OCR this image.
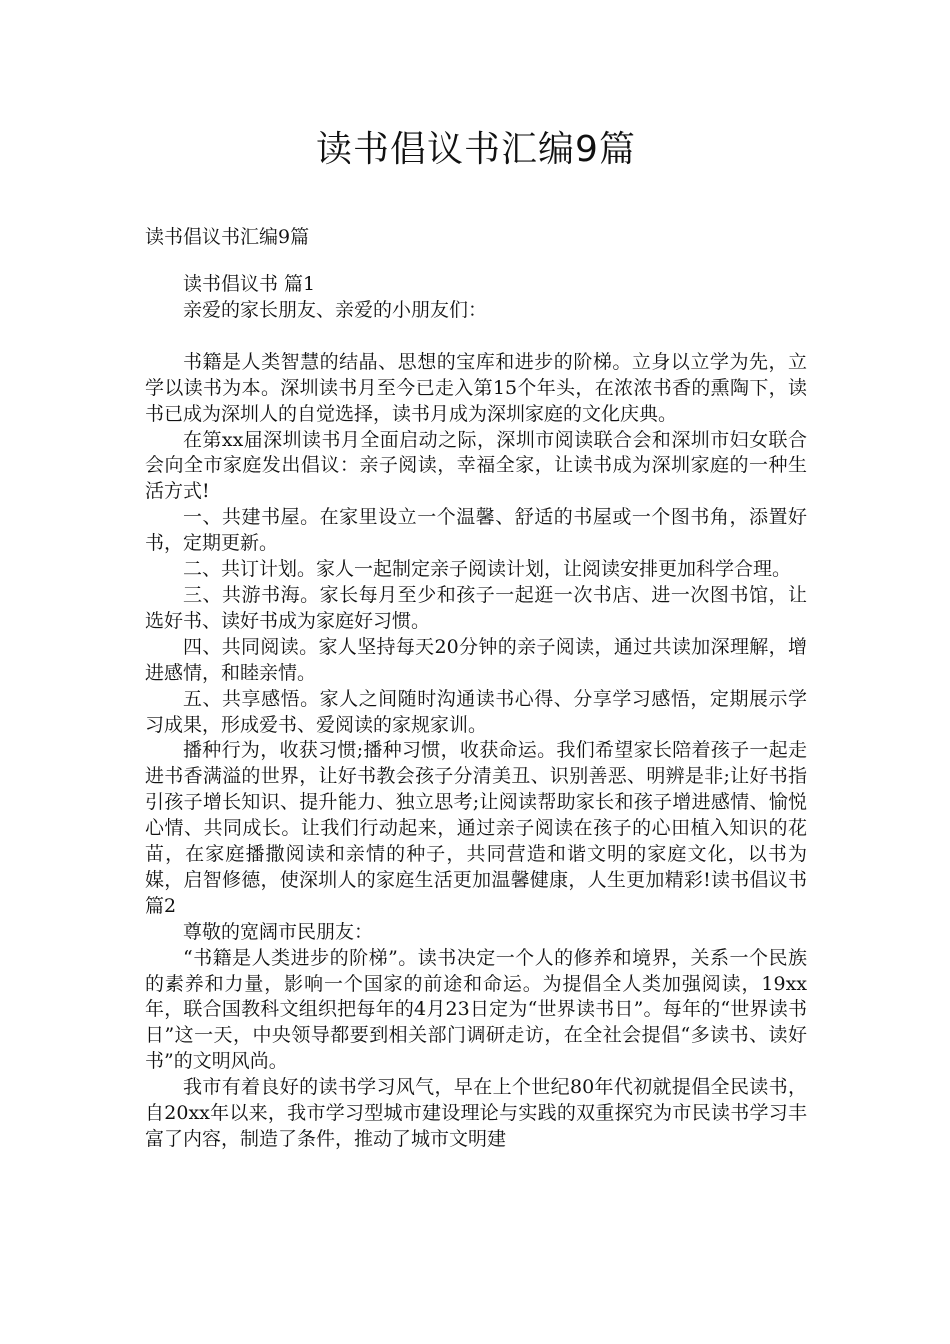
读书倡议书汇编9篇

读书倡议书汇编9篇

读书倡议书 篇1

亲爱的家长朋友、亲爱的小朋友们：

书籍是人类智慧的结晶、思想的宝库和进步的阶梯。立身以立学为先，立学以读书为本。深圳读书月至今已走入第15个年头，在浓浓书香的熏陶下，读书已成为深圳人的自觉选择，读书月成为深圳家庭的文化庆典。

在第xx届深圳读书月全面启动之际，深圳市阅读联合会和深圳市妇女联合会向全市家庭发出倡议：亲子阅读，幸福全家，让读书成为深圳家庭的一种生活方式!

一、共建书屋。在家里设立一个温馨、舒适的书屋或一个图书角，添置好书，定期更新。

二、共订计划。家人一起制定亲子阅读计划，让阅读安排更加科学合理。

三、共游书海。家长每月至少和孩子一起逛一次书店、进一次图书馆，让选好书、读好书成为家庭好习惯。

四、共同阅读。家人坚持每天20分钟的亲子阅读，通过共读加深理解，增进感情，和睦亲情。

五、共享感悟。家人之间随时沟通读书心得、分享学习感悟，定期展示学习成果，形成爱书、爱阅读的家规家训。

播种行为，收获习惯;播种习惯，收获命运。我们希望家长陪着孩子一起走进书香满溢的世界，让好书教会孩子分清美丑、识别善恶、明辨是非;让好书指引孩子增长知识、提升能力、独立思考;让阅读帮助家长和孩子增进感情、愉悦心情、共同成长。让我们行动起来，通过亲子阅读在孩子的心田植入知识的花苗，在家庭播撒阅读和亲情的种子，共同营造和谐文明的家庭文化，以书为媒，启智修德，使深圳人的家庭生活更加温馨健康，人生更加精彩!读书倡议书 篇2

尊敬的宽阔市民朋友：

“书籍是人类进步的阶梯”。读书决定一个人的修养和境界，关系一个民族的素养和力量，影响一个国家的前途和命运。为提倡全人类加强阅读，19xx年，联合国教科文组织把每年的4月23日定为“世界读书日”。每年的“世界读书日”这一天，中央领导都要到相关部门调研走访，在全社会提倡“多读书、读好书”的文明风尚。

我市有着良好的读书学习风气，早在上个世纪80年代初就提倡全民读书，自20xx年以来，我市学习型城市建设理论与实践的双重探究为市民读书学习丰富了内容，制造了条件，推动了城市文明建
